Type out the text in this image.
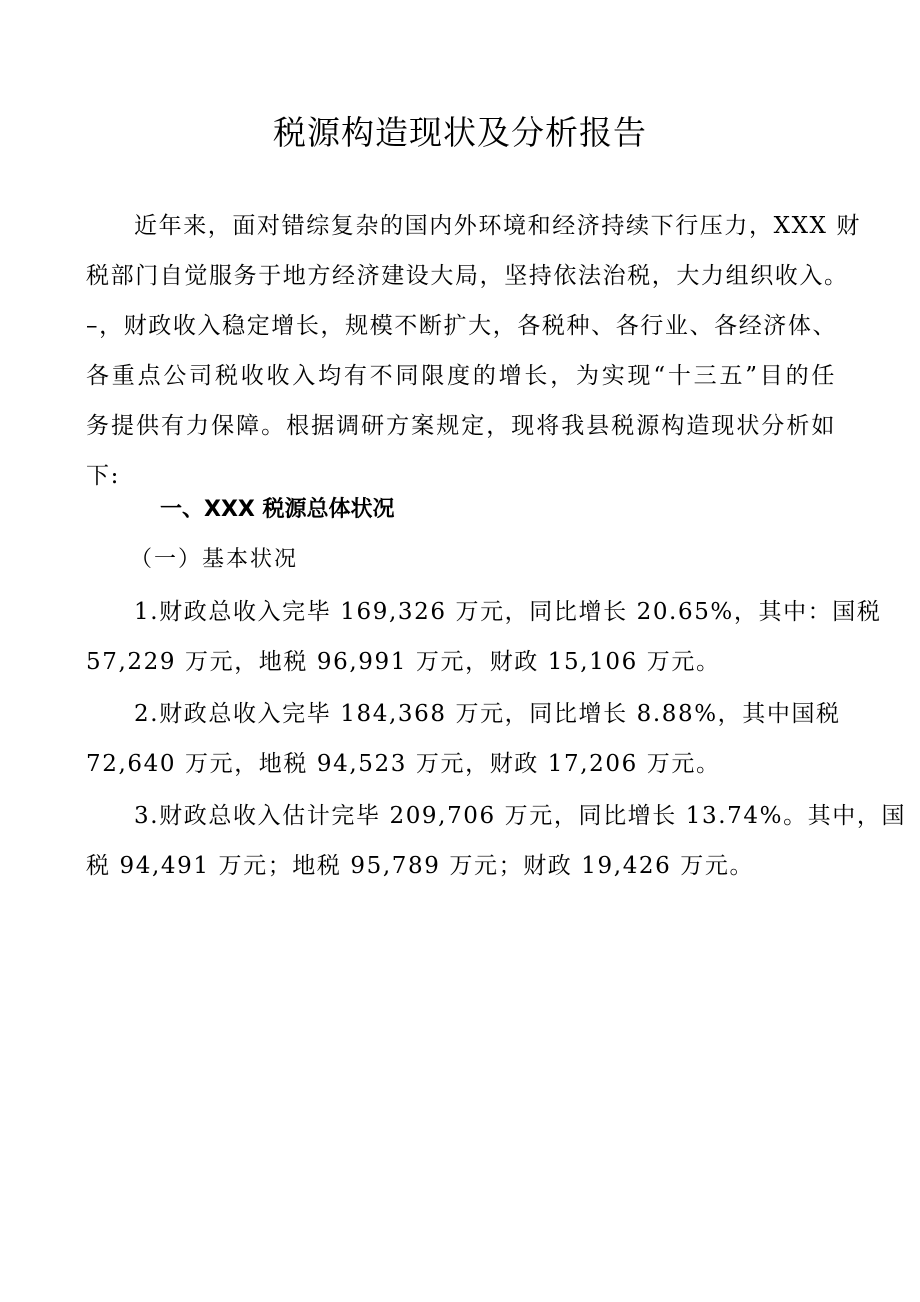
税源构造现状及分析报告
近年来，面对错综复杂的国内外环境和经济持续下行压力，XXX 财
税部门自觉服务于地方经济建设大局，坚持依法治税，大力组织收入。
–，财政收入稳定增长，规模不断扩大，各税种、各行业、各经济体、
各重点公司税收收入均有不同限度的增长，为实现“十三五”目的任
务提供有力保障。根据调研方案规定，现将我县税源构造现状分析如
下:
一、XXX 税源总体状况
（一）基本状况
1.财政总收入完毕 169,326 万元，同比增长 20.65%，其中：国税
57,229 万元，地税 96,991 万元，财政 15,106 万元。
2.财政总收入完毕 184,368 万元，同比增长 8.88%，其中国税
72,640 万元，地税 94,523 万元，财政 17,206 万元。
3.财政总收入估计完毕 209,706 万元，同比增长 13.74%。其中，国
税 94,491 万元；地税 95,789 万元；财政 19,426 万元。
